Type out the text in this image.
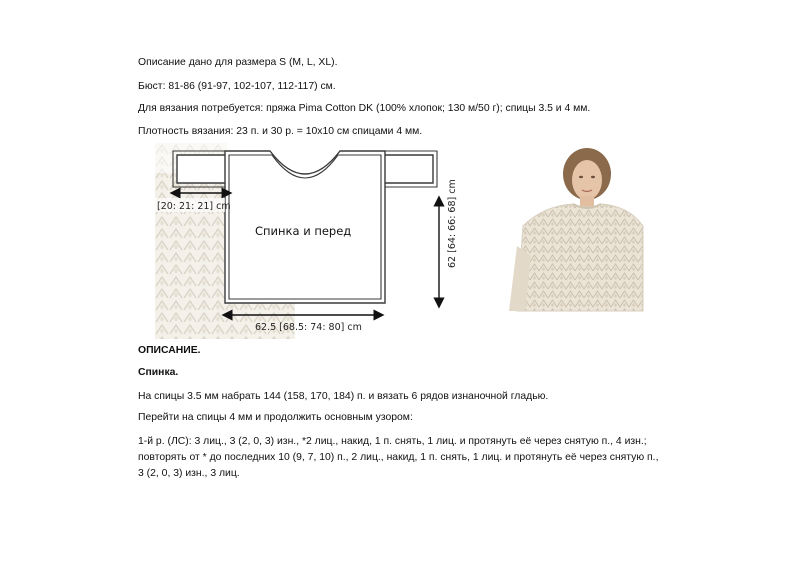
Описание дано для размера S (M, L, XL).
Бюст: 81-86 (91-97, 102-107, 112-117) см.
Для вязания потребуется: пряжа Pima Cotton DK (100% хлопок; 130 м/50 г); спицы 3.5 и 4 мм.
Плотность вязания: 23 п. и 30 р. = 10х10 см спицами 4 мм.
[20: 21: 21] cm
Спинка и перед	62 [64: 66: 68] cm
62.5 [68.5: 74: 80] cm
ОПИСАНИЕ.
Спинка.
На спицы 3.5 мм набрать 144 (158, 170, 184) п. и вязать 6 рядов изнаночной гладью.
Перейти на спицы 4 мм и продолжить основным узором:
1-й р. (ЛС): 3 лиц., 3 (2, 0, 3) изн., *2 лиц., накид, 1 п. снять, 1 лиц. и протянуть её через снятую п., 4 изн.;
повторять от * до последних 10 (9, 7, 10) п., 2 лиц., накид, 1 п. снять, 1 лиц. и протянуть её через снятую п.,
3 (2, 0, 3) изн., 3 лиц.
